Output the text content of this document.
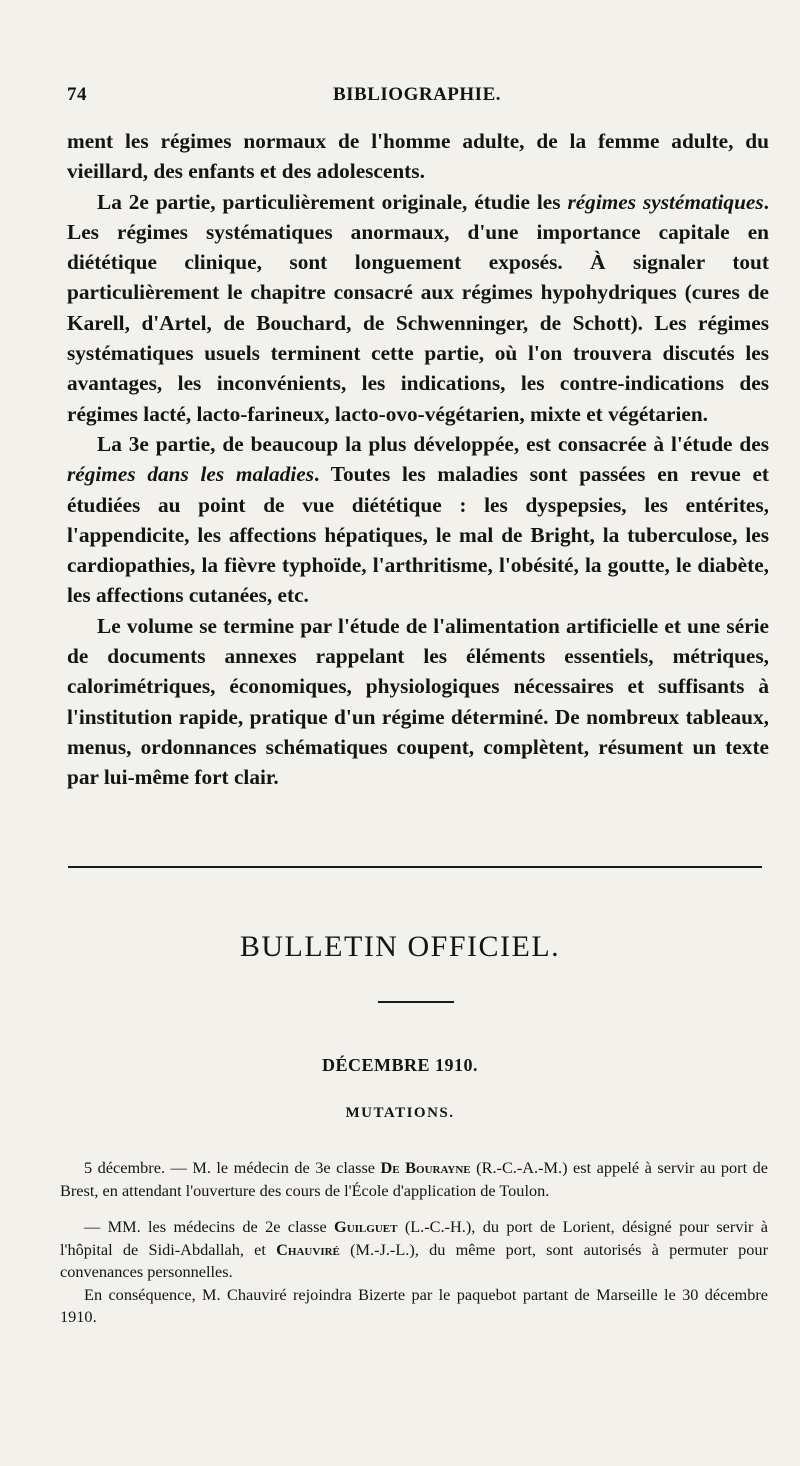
74	BIBLIOGRAPHIE.

ment les régimes normaux de l'homme adulte, de la femme adulte, du vieillard, des enfants et des adolescents.

La 2e partie, particulièrement originale, étudie les régimes systématiques. Les régimes systématiques anormaux, d'une importance capitale en diététique clinique, sont longuement exposés. À signaler tout particulièrement le chapitre consacré aux régimes hypohydriques (cures de Karell, d'Artel, de Bouchard, de Schwenninger, de Schott). Les régimes systématiques usuels terminent cette partie, où l'on trouvera discutés les avantages, les inconvénients, les indications, les contre-indications des régimes lacté, lacto-farineux, lacto-ovo-végétarien, mixte et végétarien.

La 3e partie, de beaucoup la plus développée, est consacrée à l'étude des régimes dans les maladies. Toutes les maladies sont passées en revue et étudiées au point de vue diététique : les dyspepsies, les entérites, l'appendicite, les affections hépatiques, le mal de Bright, la tuberculose, les cardiopathies, la fièvre typhoïde, l'arthritisme, l'obésité, la goutte, le diabète, les affections cutanées, etc.

Le volume se termine par l'étude de l'alimentation artificielle et une série de documents annexes rappelant les éléments essentiels, métriques, calorimétriques, économiques, physiologiques nécessaires et suffisants à l'institution rapide, pratique d'un régime déterminé. De nombreux tableaux, menus, ordonnances schématiques coupent, complètent, résument un texte par lui-même fort clair.

BULLETIN OFFICIEL.
DÉCEMBRE 1910.
MUTATIONS.

5 décembre. — M. le médecin de 3e classe De Bourayne (R.-C.-A.-M.) est appelé à servir au port de Brest, en attendant l'ouverture des cours de l'École d'application de Toulon.

— MM. les médecins de 2e classe Guilguet (L.-C.-H.), du port de Lorient, désigné pour servir à l'hôpital de Sidi-Abdallah, et Chauviré (M.-J.-L.), du même port, sont autorisés à permuter pour convenances personnelles.

En conséquence, M. Chauviré rejoindra Bizerte par le paquebot partant de Marseille le 30 décembre 1910.
